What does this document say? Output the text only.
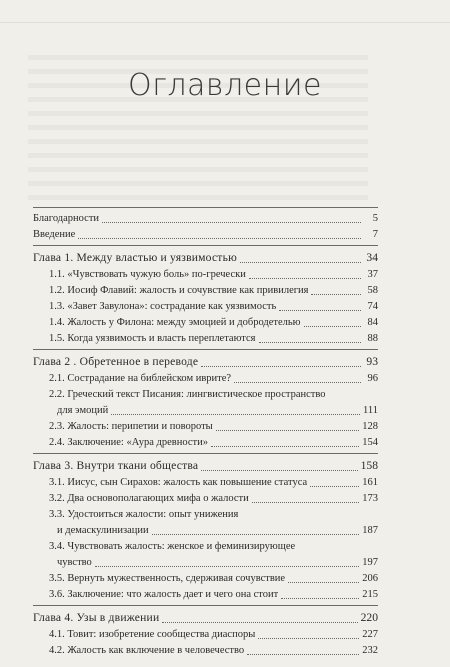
Оглавление
Благодарности	5
Введение	7
Глава 1. Между властью и уязвимостью	34
1.1. «Чувствовать чужую боль» по-гречески	37
1.2. Иосиф Флавий: жалость и сочувствие как привилегия	58
1.3. «Завет Завулона»: сострадание как уязвимость	74
1.4. Жалость у Филона: между эмоцией и добродетелью	84
1.5. Когда уязвимость и власть переплетаются	88
Глава 2 . Обретенное в переводе	93
2.1. Сострадание на библейском иврите?	96
2.2. Греческий текст Писания: лингвистическое пространство
для эмоций	111
2.3. Жалость: перипетии и повороты	128
2.4. Заключение: «Аура древности»	154
Глава 3. Внутри ткани общества	158
3.1. Иисус, сын Сирахов: жалость как повышение статуса	161
3.2. Два основополагающих мифа о жалости	173
3.3. Удостоиться жалости: опыт унижения
и демаскулинизации	187
3.4. Чувствовать жалость: женское и феминизирующее
чувство	197
3.5. Вернуть мужественность, сдерживая сочувствие	206
3.6. Заключение: что жалость дает и чего она стоит	215
Глава 4. Узы в движении	220
4.1. Товит: изобретение сообщества диаспоры	227
4.2. Жалость как включение в человечество	232
